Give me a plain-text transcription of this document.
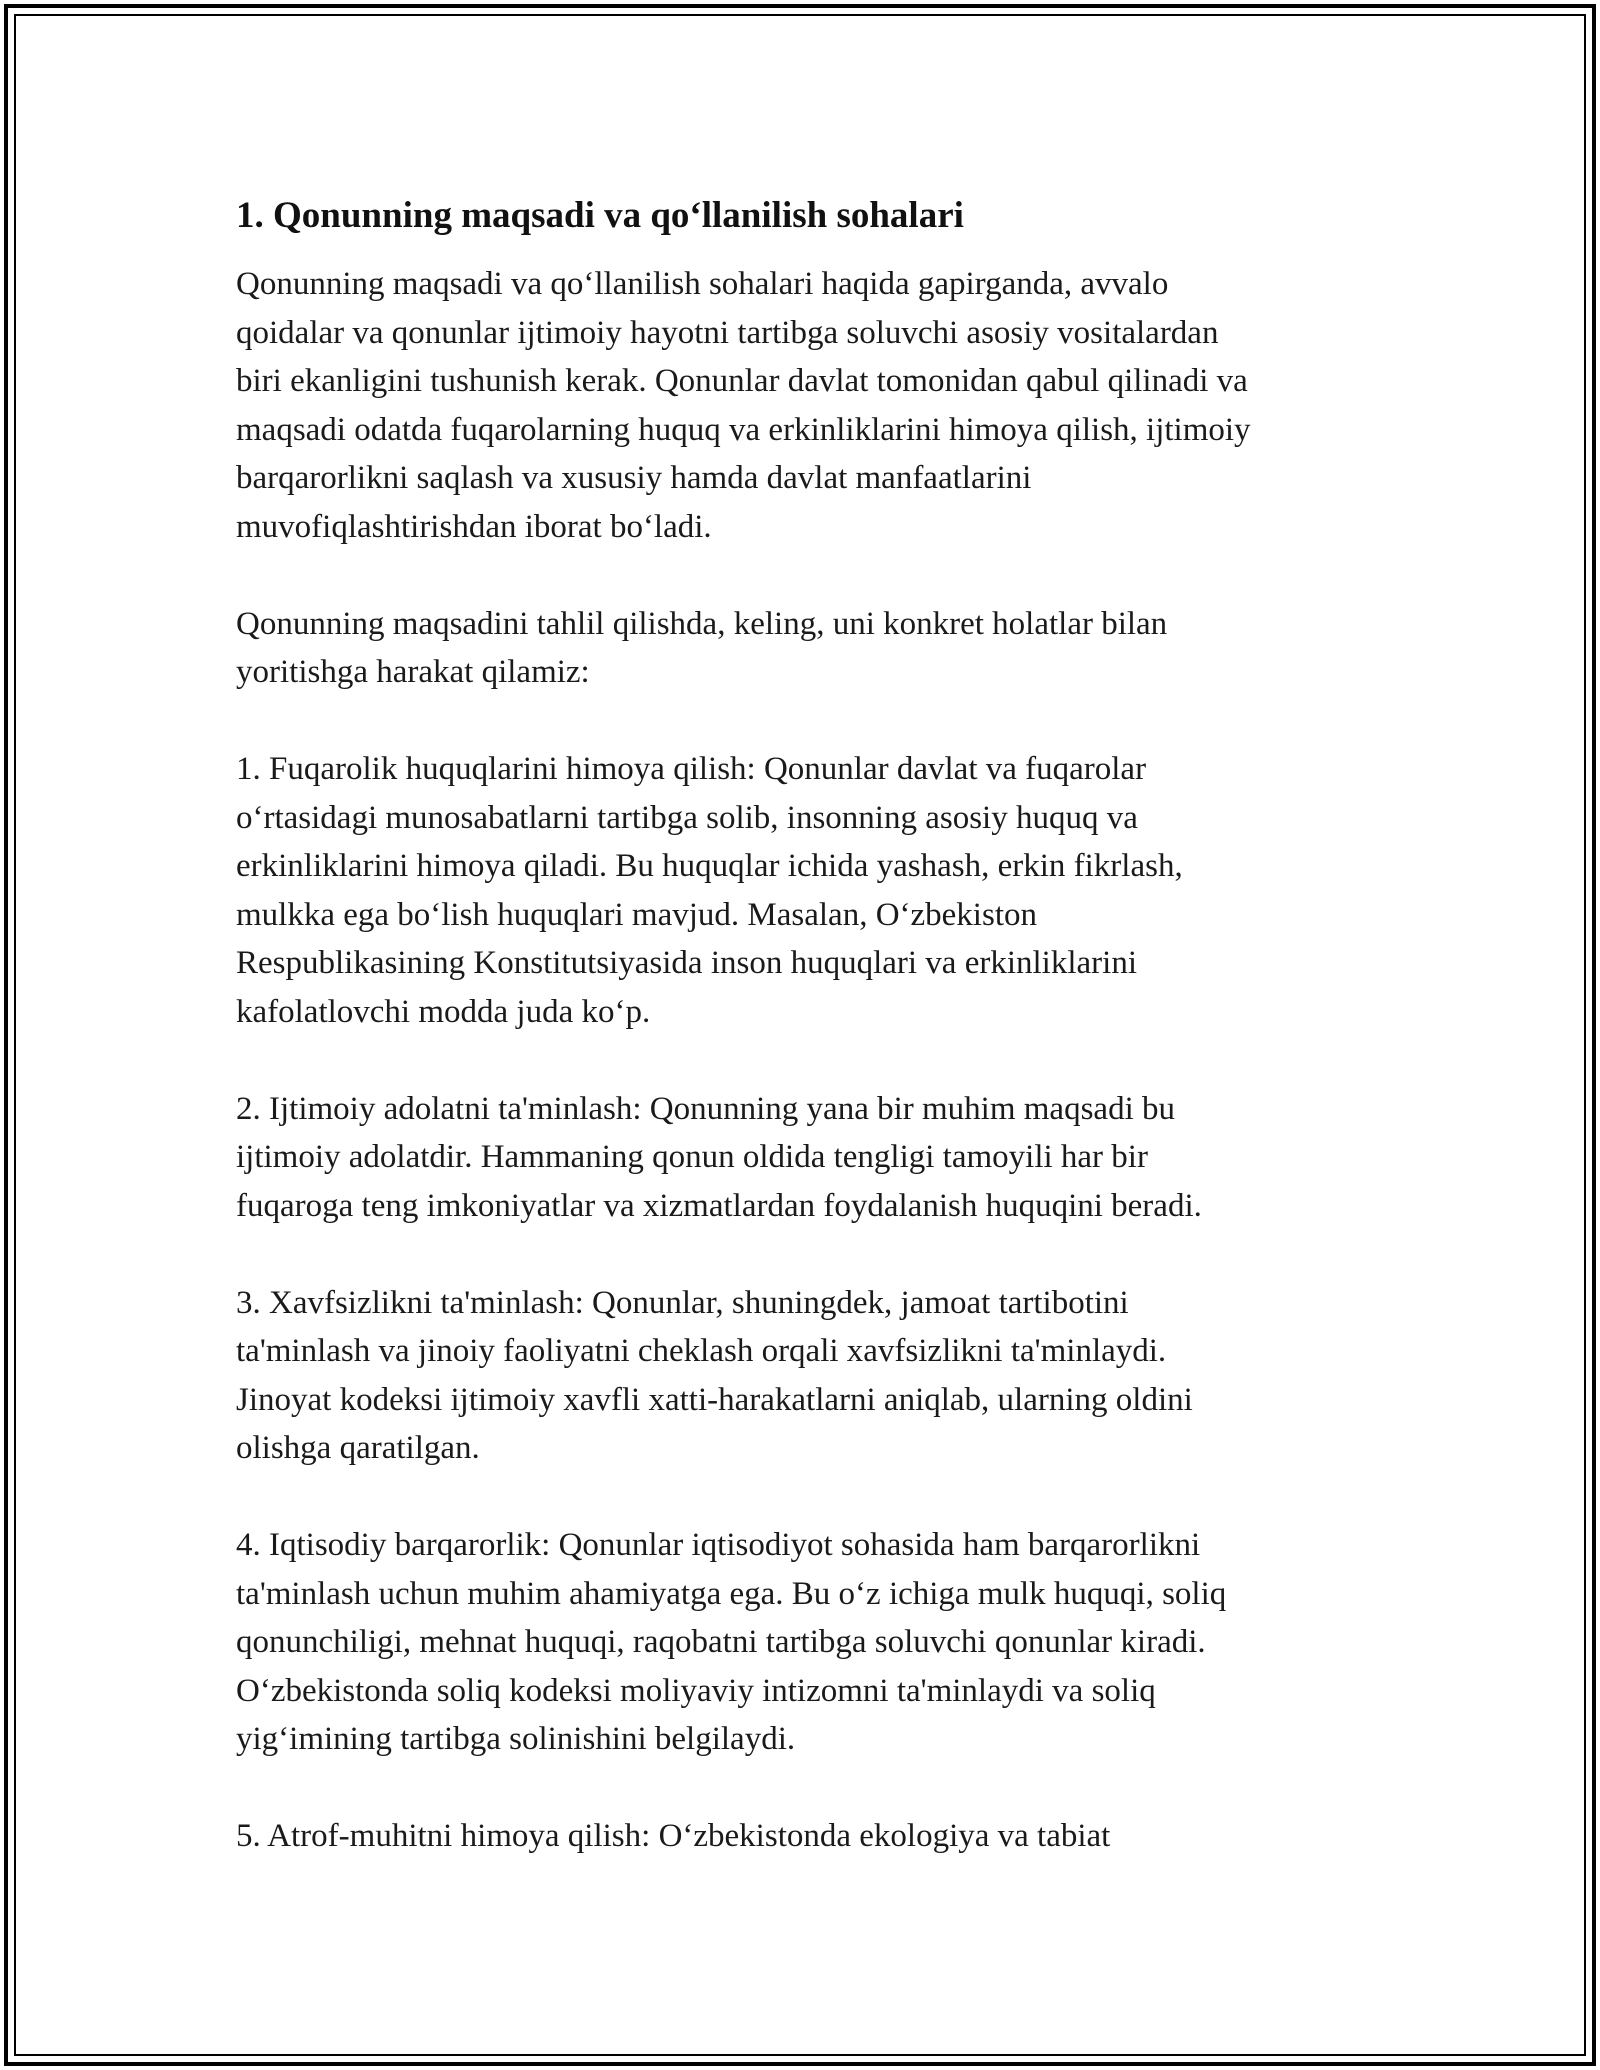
1. Qonunning maqsadi va qo‘llanilish sohalari

Qonunning maqsadi va qo‘llanilish sohalari haqida gapirganda, avvalo
qoidalar va qonunlar ijtimoiy hayotni tartibga soluvchi asosiy vositalardan
biri ekanligini tushunish kerak. Qonunlar davlat tomonidan qabul qilinadi va
maqsadi odatda fuqarolarning huquq va erkinliklarini himoya qilish, ijtimoiy
barqarorlikni saqlash va xususiy hamda davlat manfaatlarini
muvofiqlashtirishdan iborat bo‘ladi.

Qonunning maqsadini tahlil qilishda, keling, uni konkret holatlar bilan
yoritishga harakat qilamiz:

1. Fuqarolik huquqlarini himoya qilish: Qonunlar davlat va fuqarolar
o‘rtasidagi munosabatlarni tartibga solib, insonning asosiy huquq va
erkinliklarini himoya qiladi. Bu huquqlar ichida yashash, erkin fikrlash,
mulkka ega bo‘lish huquqlari mavjud. Masalan, O‘zbekiston
Respublikasining Konstitutsiyasida inson huquqlari va erkinliklarini
kafolatlovchi modda juda ko‘p.

2. Ijtimoiy adolatni ta'minlash: Qonunning yana bir muhim maqsadi bu
ijtimoiy adolatdir. Hammaning qonun oldida tengligi tamoyili har bir
fuqaroga teng imkoniyatlar va xizmatlardan foydalanish huquqini beradi.

3. Xavfsizlikni ta'minlash: Qonunlar, shuningdek, jamoat tartibotini
ta'minlash va jinoiy faoliyatni cheklash orqali xavfsizlikni ta'minlaydi.
Jinoyat kodeksi ijtimoiy xavfli xatti-harakatlarni aniqlab, ularning oldini
olishga qaratilgan.

4. Iqtisodiy barqarorlik: Qonunlar iqtisodiyot sohasida ham barqarorlikni
ta'minlash uchun muhim ahamiyatga ega. Bu o‘z ichiga mulk huquqi, soliq
qonunchiligi, mehnat huquqi, raqobatni tartibga soluvchi qonunlar kiradi.
O‘zbekistonda soliq kodeksi moliyaviy intizomni ta'minlaydi va soliq
yig‘imining tartibga solinishini belgilaydi.

5. Atrof-muhitni himoya qilish: O‘zbekistonda ekologiya va tabiat
